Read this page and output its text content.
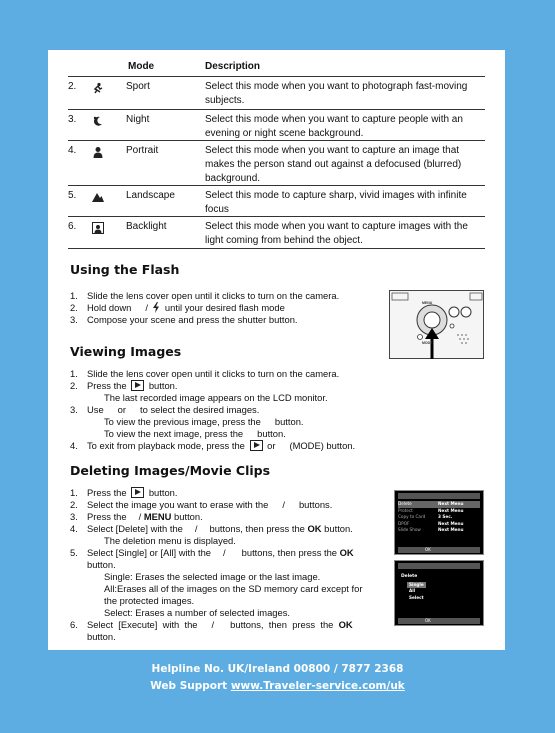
Mode	Description
2.	Sport	Select this mode when you want to photograph fast-moving subjects.
3.	Night	Select this mode when you want to capture people with an evening or night scene background.
4.	Portrait	Select this mode when you want to capture an image that makes the person stand out against a defocused (blurred) background.
5.	Landscape	Select this mode to capture sharp, vivid images with infinite focus
6.	Backlight	Select this mode when you want to capture images with the light coming from behind the object.
Using the Flash
1. Slide the lens cover open until it clicks to turn on the camera.
2. Hold down / until your desired flash mode
3. Compose your scene and press the shutter button.
MENU
MODE
Viewing Images
1. Slide the lens cover open until it clicks to turn on the camera.
2. Press the button.
The last recorded image appears on the LCD monitor.
3. Use or to select the desired images.
To view the previous image, press the button.
To view the next image, press the button.
4. To exit from playback mode, press the or (MODE) button.
Deleting Images/Movie Clips
1. Press the button.
2. Select the image you want to erase with the / buttons.
3. Press the / MENU button.
4. Select [Delete] with the / buttons, then press the OK button.
The deletion menu is displayed.
5. Select [Single] or [All] with the / buttons, then press the OK
button.
Single: Erases the selected image or the last image.
All:Erases all of the images on the SD memory card except for
the protected images.
Select: Erases a number of selected images.
6. Select [Execute] with the / buttons, then press the OK
button.
Delete	Next Menu
Protect	Next Menu
Copy to Card	3 Sec.
DPOF	Next Menu
Slide Show	Next Menu
OK
Delete
Single
All
Select
OK
Helpline No. UK/Ireland 00800 / 7877 2368
Web Support www.Traveler-service.com/uk
